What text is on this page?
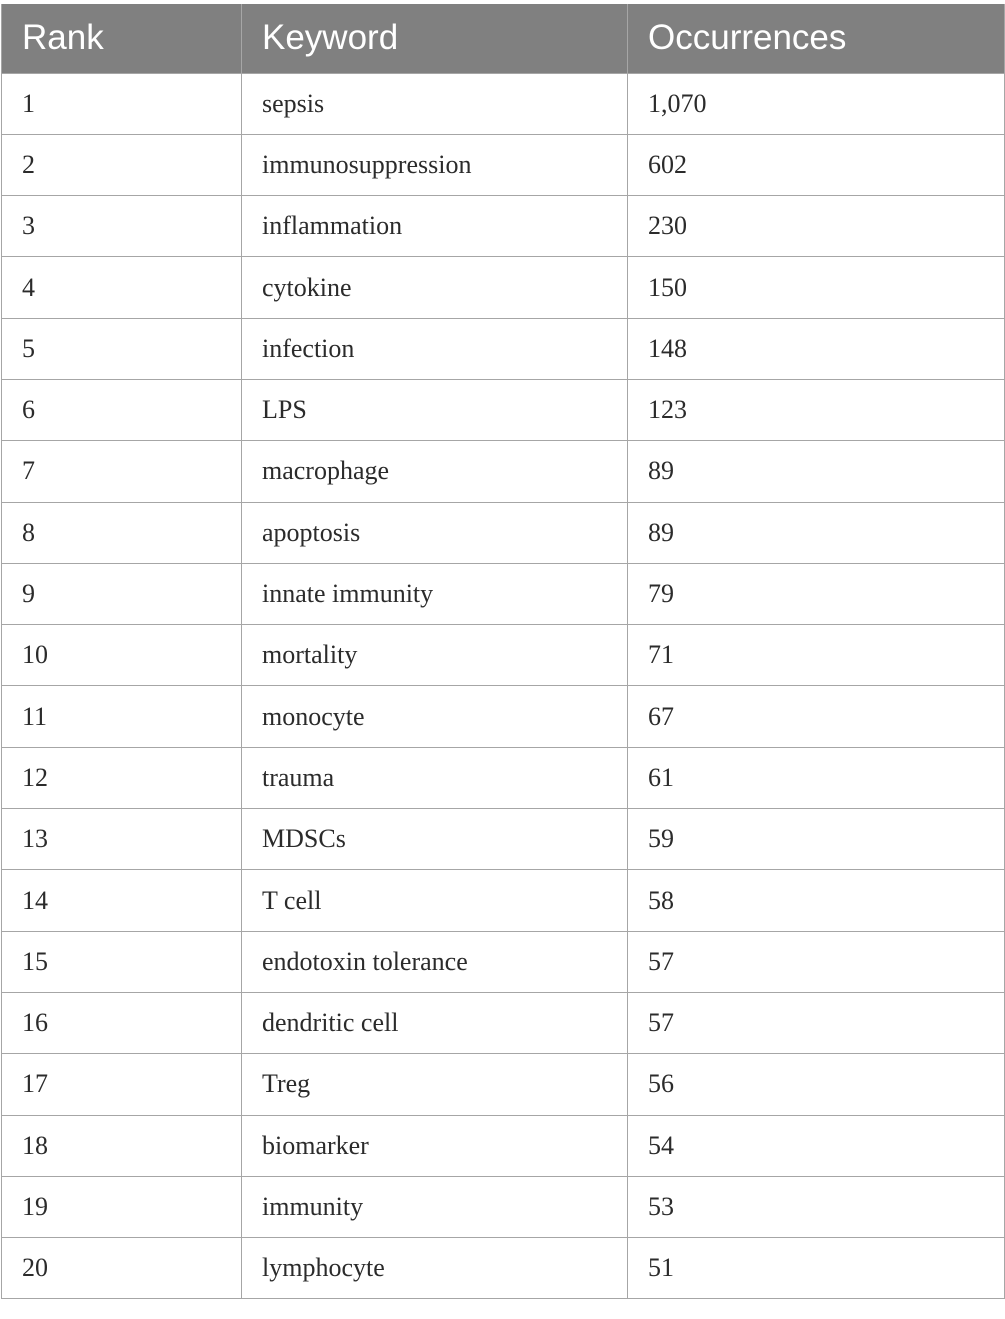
Rank	Keyword	Occurrences
1	sepsis	1,070
2	immunosuppression	602
3	inflammation	230
4	cytokine	150
5	infection	148
6	LPS	123
7	macrophage	89
8	apoptosis	89
9	innate immunity	79
10	mortality	71
11	monocyte	67
12	trauma	61
13	MDSCs	59
14	T cell	58
15	endotoxin tolerance	57
16	dendritic cell	57
17	Treg	56
18	biomarker	54
19	immunity	53
20	lymphocyte	51
